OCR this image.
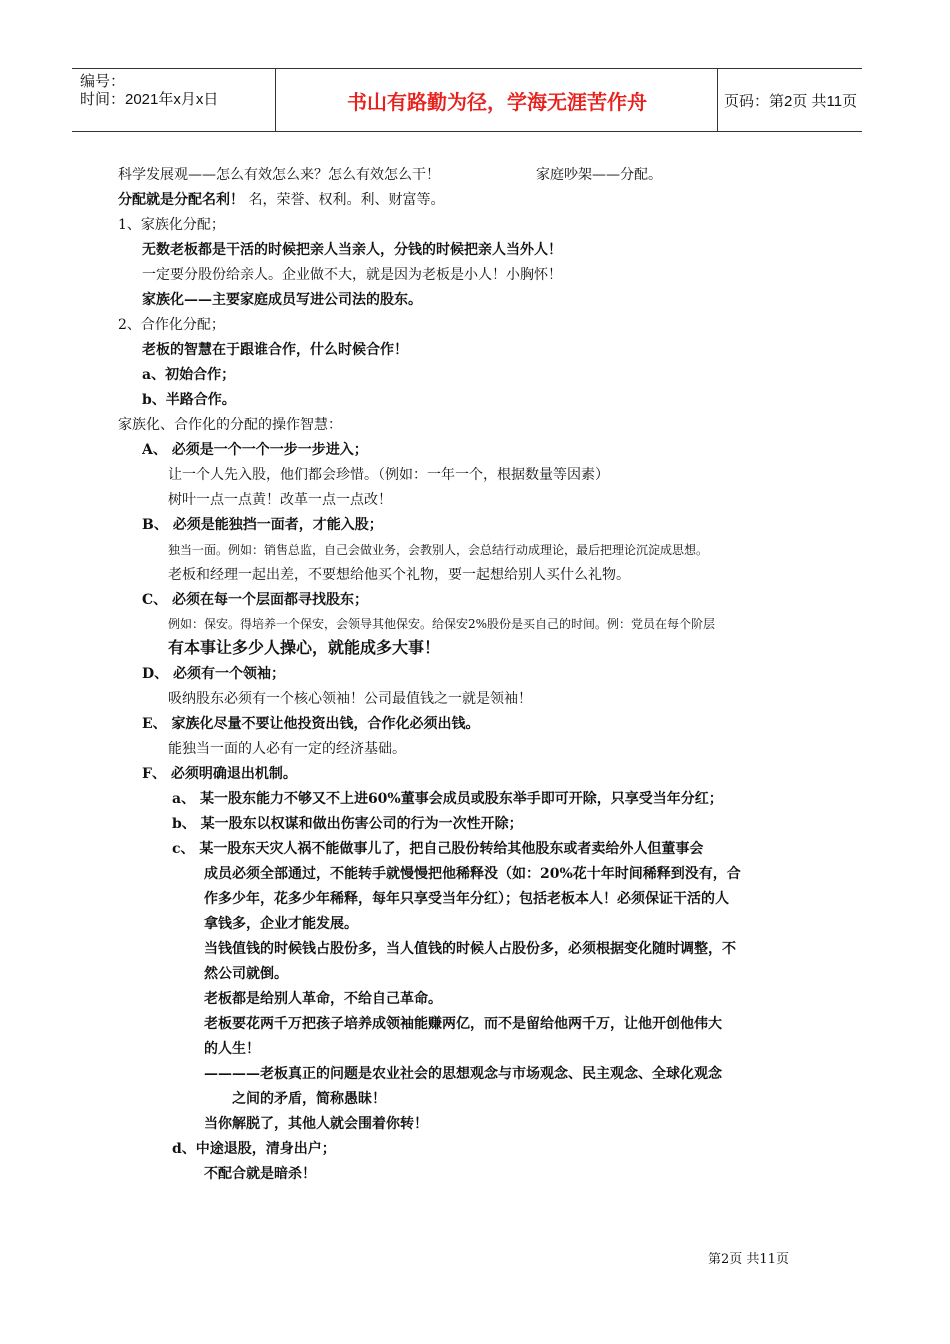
编号：
时间：2021年x月x日	书山有路勤为径，学海无涯苦作舟	页码：第2页 共11页
科学发展观——怎么有效怎么来？怎么有效怎么干！	家庭吵架——分配。
分配就是分配名利！ 名，荣誉、权利。利、财富等。
1、家族化分配；
无数老板都是干活的时候把亲人当亲人，分钱的时候把亲人当外人！
一定要分股份给亲人。企业做不大，就是因为老板是小人！小胸怀！
家族化——主要家庭成员写进公司法的股东。
2、合作化分配；
老板的智慧在于跟谁合作，什么时候合作！
a、初始合作；
b、半路合作。
家族化、合作化的分配的操作智慧：
A、 必须是一个一个一步一步进入；
让一个人先入股，他们都会珍惜。（例如：一年一个，根据数量等因素）
树叶一点一点黄！改革一点一点改！
B、 必须是能独挡一面者，才能入股；
独当一面。例如：销售总监，自己会做业务，会教别人，会总结行动成理论，最后把理论沉淀成思想。
老板和经理一起出差，不要想给他买个礼物，要一起想给别人买什么礼物。
C、 必须在每一个层面都寻找股东；
例如：保安。得培养一个保安，会领导其他保安。给保安2%股份是买自己的时间。例：党员在每个阶层
有本事让多少人操心，就能成多大事！
D、 必须有一个领袖；
吸纳股东必须有一个核心领袖！公司最值钱之一就是领袖！
E、 家族化尽量不要让他投资出钱，合作化必须出钱。
能独当一面的人必有一定的经济基础。
F、 必须明确退出机制。
a、 某一股东能力不够又不上进60%董事会成员或股东举手即可开除，只享受当年分红；
b、 某一股东以权谋和做出伤害公司的行为一次性开除；
c、 某一股东天灾人祸不能做事儿了，把自己股份转给其他股东或者卖给外人但董事会
成员必须全部通过，不能转手就慢慢把他稀释没（如：20%花十年时间稀释到没有，合
作多少年，花多少年稀释，每年只享受当年分红）；包括老板本人！必须保证干活的人
拿钱多，企业才能发展。
当钱值钱的时候钱占股份多，当人值钱的时候人占股份多，必须根据变化随时调整，不
然公司就倒。
老板都是给别人革命，不给自己革命。
老板要花两千万把孩子培养成领袖能赚两亿，而不是留给他两千万，让他开创他伟大
的人生！
————老板真正的问题是农业社会的思想观念与市场观念、民主观念、全球化观念
之间的矛盾，简称愚昧！
当你解脱了，其他人就会围着你转！
d、中途退股，清身出户；
不配合就是暗杀！
第2页 共11页
